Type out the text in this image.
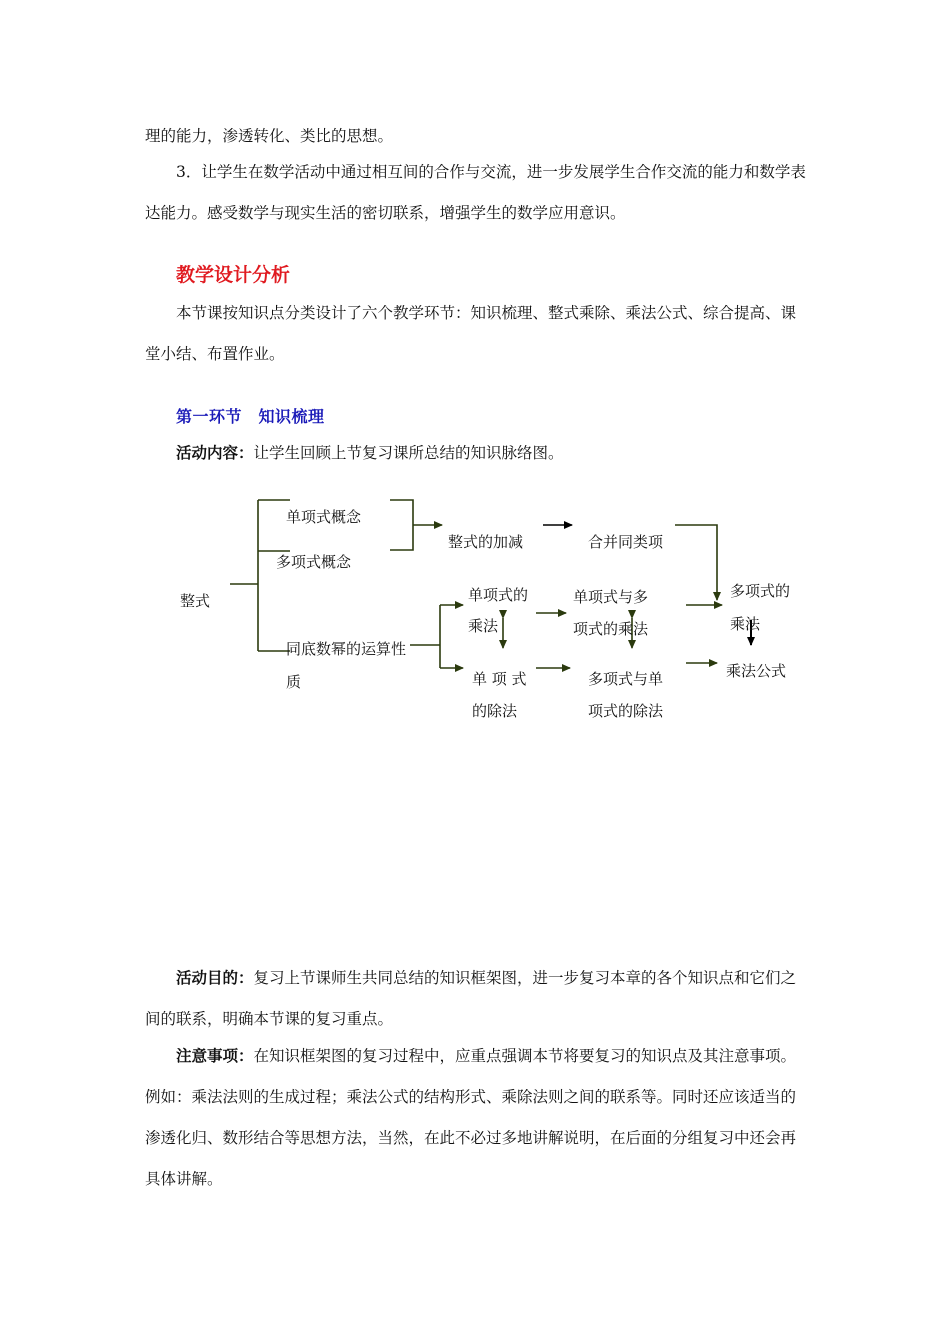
理的能力，渗透转化、类比的思想。

3．让学生在数学活动中通过相互间的合作与交流，进一步发展学生合作交流的能力和数学表达能力。感受数学与现实生活的密切联系，增强学生的数学应用意识。

教学设计分析

本节课按知识点分类设计了六个教学环节：知识梳理、整式乘除、乘法公式、综合提高、课堂小结、布置作业。

第一环节　知识梳理

活动内容：让学生回顾上节复习课所总结的知识脉络图。

整式
单项式概念
多项式概念
同底数幂的运算性
质
整式的加减	合并同类项
单项式的
乘法
单项式与多
项式的乘法
多项式的
乘法
单 项 式
的除法
多项式与单
项式的除法
乘法公式

活动目的：复习上节课师生共同总结的知识框架图，进一步复习本章的各个知识点和它们之间的联系，明确本节课的复习重点。

注意事项：在知识框架图的复习过程中，应重点强调本节将要复习的知识点及其注意事项。例如：乘法法则的生成过程；乘法公式的结构形式、乘除法则之间的联系等。同时还应该适当的渗透化归、数形结合等思想方法，当然，在此不必过多地讲解说明，在后面的分组复习中还会再具体讲解。
